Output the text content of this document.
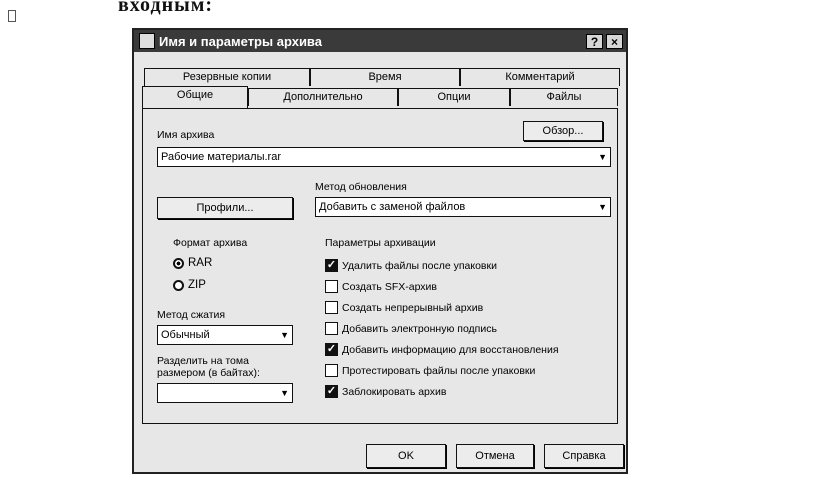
входным:
Имя и параметры архива	?	×
Резервные копии	Время	Комментарий
Общие	Дополнительно	Опции	Файлы
Имя архива	Обзор...
Рабочие материалы.rar	▼
Метод обновления
Профили...	Добавить с заменой файлов	▼
Формат архива
RAR
ZIP
Параметры архивации
✓ Удалить файлы после упаковки
Создать SFX-архив
Создать непрерывный архив
Добавить электронную подпись
✓ Добавить информацию для восстановления
Протестировать файлы после упаковки
✓ Заблокировать архив
Метод сжатия
Обычный	▼
Разделить на тома
размером (в байтах):
▼
OK	Отмена	Справка
